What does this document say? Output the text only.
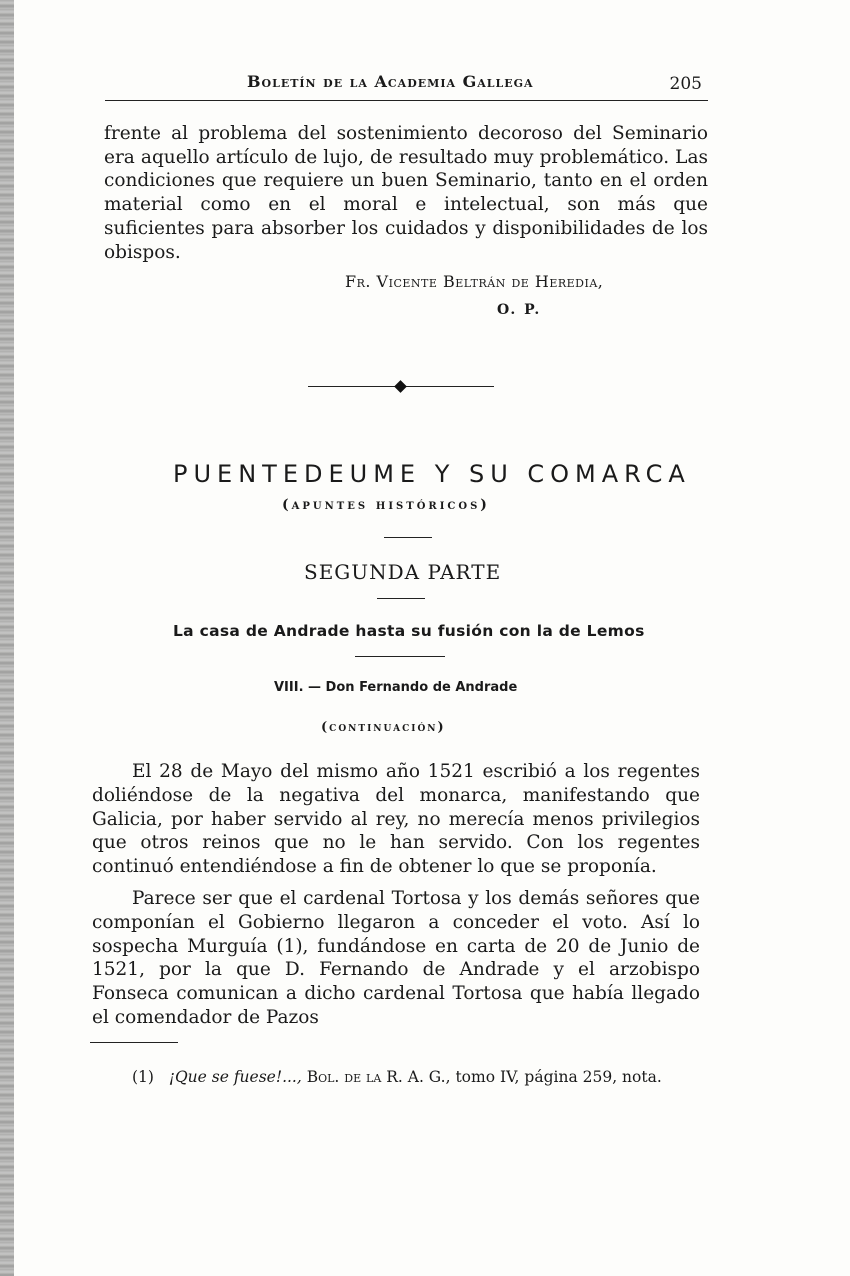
Boletín de la Academia Gallega	205

frente al problema del sostenimiento decoroso del Seminario era aquello artículo de lujo, de resultado muy problemático. Las condiciones que requiere un buen Seminario, tanto en el orden material como en el moral e intelectual, son más que suficientes para absorber los cuidados y disponibilidades de los obispos.

Fr. Vicente Beltrán de Heredia,
O. P.
PUENTEDEUME Y SU COMARCA
(apuntes históricos)
SEGUNDA PARTE
La casa de Andrade hasta su fusión con la de Lemos
VIII. — Don Fernando de Andrade
(continuación)

El 28 de Mayo del mismo año 1521 escribió a los regentes doliéndose de la negativa del monarca, manifestando que Galicia, por haber servido al rey, no merecía menos privilegios que otros reinos que no le han servido. Con los regentes continuó entendiéndose a fin de obtener lo que se proponía.

Parece ser que el cardenal Tortosa y los demás señores que componían el Gobierno llegaron a conceder el voto. Así lo sospecha Murguía (1), fundándose en carta de 20 de Junio de 1521, por la que D. Fernando de Andrade y el arzobispo Fonseca comunican a dicho cardenal Tortosa que había llegado el comendador de Pazos

(1) ¡Que se fuese!..., Bol. de la R. A. G., tomo IV, página 259, nota.
